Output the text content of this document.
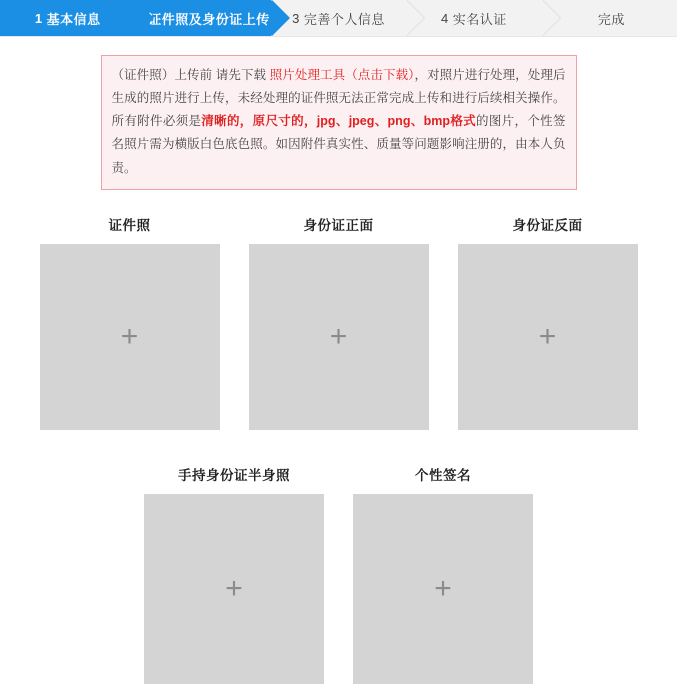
1 基本信息	2 证件照及身份证上传 3 完善个人信息	4 实名认证	完成
（证件照）上传前 请先下载 照片处理工具（点击下载），对照片进行处理，处理后生成的照片进行上传，未经处理的证件照无法正常完成上传和进行后续相关操作。 所有附件必须是清晰的，原尺寸的，jpg、jpeg、png、bmp格式的图片，个性签名照片需为横版白色底色照。如因附件真实性、质量等问题影响注册的，由本人负责。
证件照
+
身份证正面
+
身份证反面
+
手持身份证半身照
+
个性签名
+
